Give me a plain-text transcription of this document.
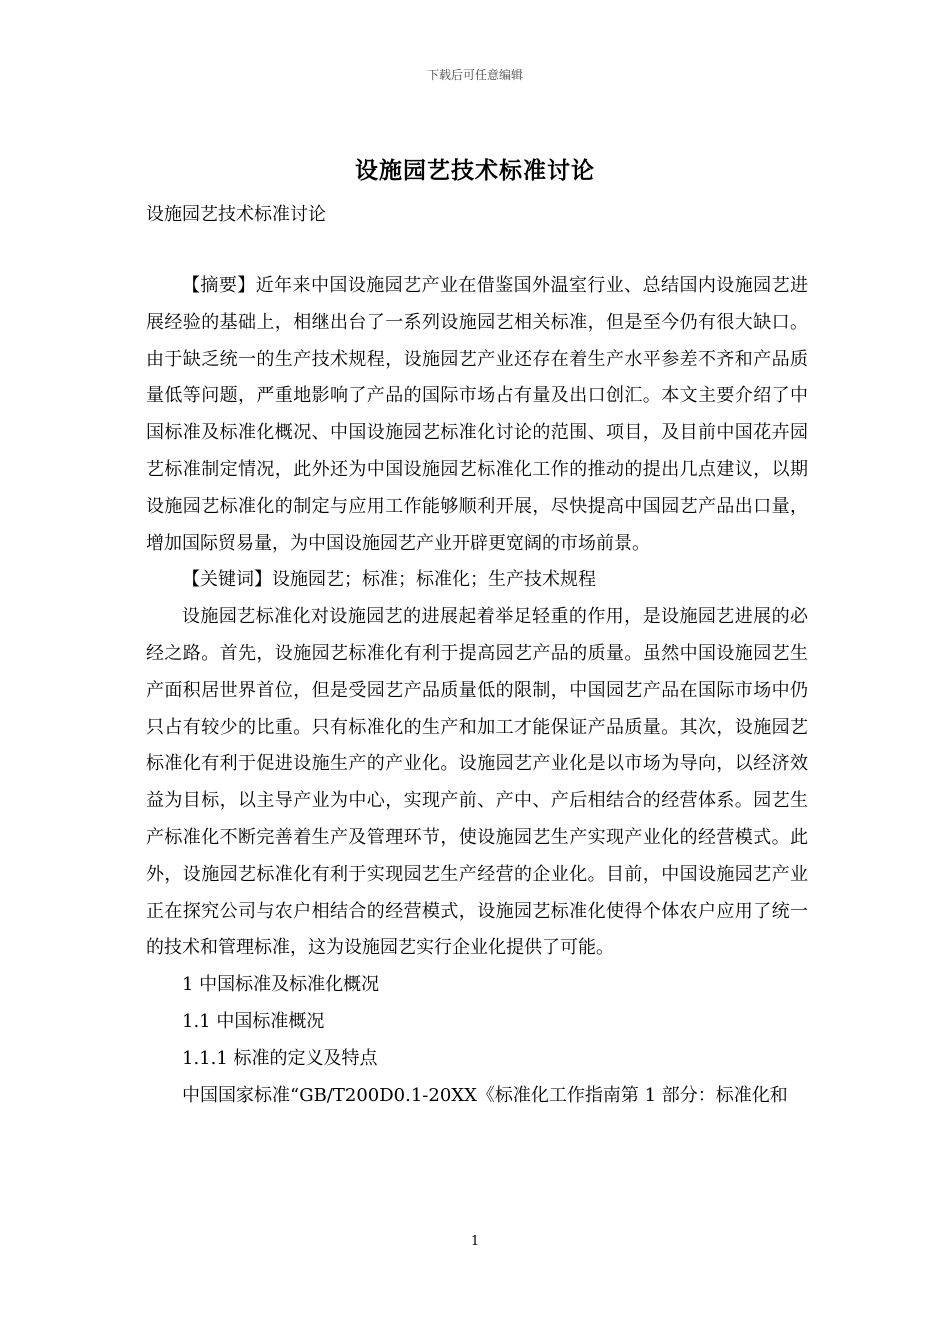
下载后可任意编辑
设施园艺技术标准讨论
设施园艺技术标准讨论

【摘要】近年来中国设施园艺产业在借鉴国外温室行业、总结国内设施园艺进展经验的基础上，相继出台了一系列设施园艺相关标准，但是至今仍有很大缺口。由于缺乏统一的生产技术规程，设施园艺产业还存在着生产水平参差不齐和产品质量低等问题，严重地影响了产品的国际市场占有量及出口创汇。本文主要介绍了中国标准及标准化概况、中国设施园艺标准化讨论的范围、项目，及目前中国花卉园艺标准制定情况，此外还为中国设施园艺标准化工作的推动的提出几点建议，以期设施园艺标准化的制定与应用工作能够顺利开展，尽快提高中国园艺产品出口量，增加国际贸易量，为中国设施园艺产业开辟更宽阔的市场前景。

【关键词】设施园艺；标准；标准化；生产技术规程

设施园艺标准化对设施园艺的进展起着举足轻重的作用，是设施园艺进展的必经之路。首先，设施园艺标准化有利于提高园艺产品的质量。虽然中国设施园艺生产面积居世界首位，但是受园艺产品质量低的限制，中国园艺产品在国际市场中仍只占有较少的比重。只有标准化的生产和加工才能保证产品质量。其次，设施园艺标准化有利于促进设施生产的产业化。设施园艺产业化是以市场为导向，以经济效益为目标，以主导产业为中心，实现产前、产中、产后相结合的经营体系。园艺生产标准化不断完善着生产及管理环节，使设施园艺生产实现产业化的经营模式。此外，设施园艺标准化有利于实现园艺生产经营的企业化。目前，中国设施园艺产业正在探究公司与农户相结合的经营模式，设施园艺标准化使得个体农户应用了统一的技术和管理标准，这为设施园艺实行企业化提供了可能。

1 中国标准及标准化概况

1.1 中国标准概况

1.1.1 标准的定义及特点

中国国家标准“GB/T200D0.1-20XX《标准化工作指南第 1 部分：标准化和

1
